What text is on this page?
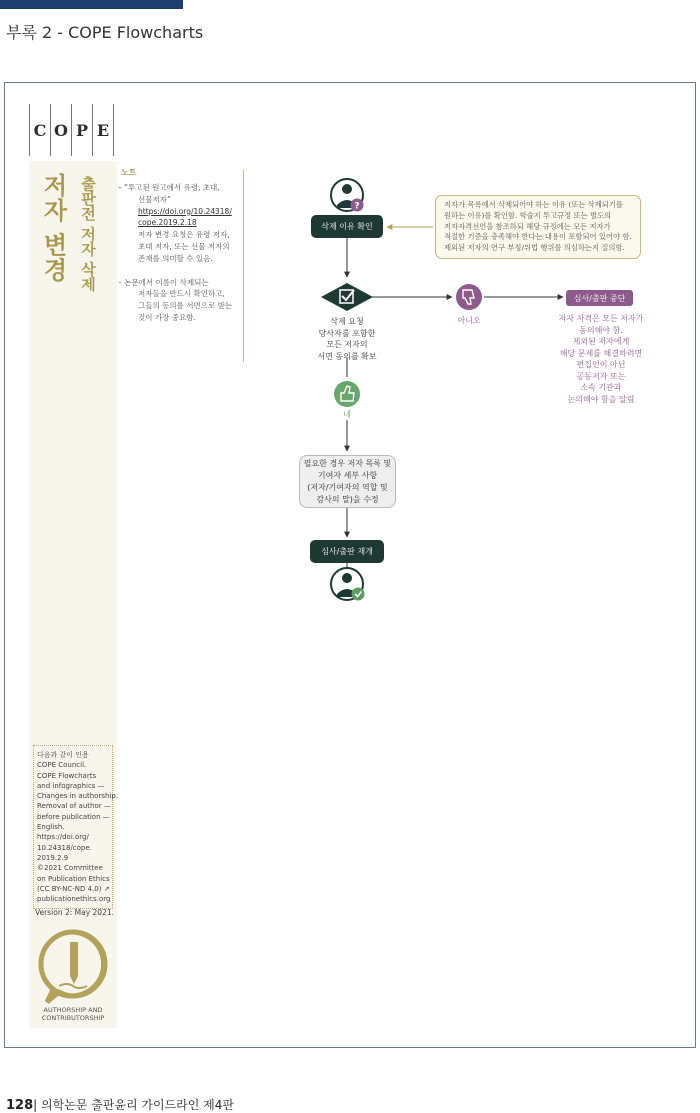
부록 2 - COPE Flowcharts
C O P E
저자 변경 출판전 저자 삭제
다음과 같이 인용
COPE Council.
COPE Flowcharts
and infographics —
Changes in authorship.
Removal of author —
before publication —
English.
https://doi.org/
10.24318/cope.
2019.2.9
©2021 Committee
on Publication Ethics
(CC BY-NC-ND 4.0) ↗
publicationethics.org
Version 2: May 2021.
AUTHORSHIP AND CONTRIBUTORSHIP
노트
– “투고된 원고에서 유령, 초대,
선물저자”
https://doi.org/10.24318/
cope.2019.2.18
저자 변경 요청은 유령 저자,
초대 저자, 또는 선물 저자의
존재를 의미할 수 있음.
– 논문에서 이름이 삭제되는
저자들을 반드시 확인하고,
그들의 동의를 서면으로 받는
것이 가장 중요함.
?
삭제 이유 확인
저자가 목록에서 삭제되어야 하는 이유 (또는 삭제되기를
원하는 이유)를 확인함. 학술지 투고규정 또는 별도의
저자자격선언을 참조하되 해당 규정에는 모든 저자가
적절한 기준을 충족해야 한다는 내용이 포함되어 있어야 함.
제외된 저자의 연구 부정/위법 행위를 의심하는지 질의함.
삭제 요청
당사자를 포함한
모든 저자의
서면 동의를 확보
아니오
심사/출판 중단
저자 자격은 모든 저자가
동의해야 함.
제외된 저자에게
해당 문제를 해결하려면
편집인이 아닌
공동저자 또는
소속 기관과
논의해야 함을 알림
네
필요한 경우 저자 목록 및
기여자 세부 사항
(저자/기여자의 역할 및
감사의 말)을 수정
심사/출판 재개
128| 의학논문 출판윤리 가이드라인 제4판
